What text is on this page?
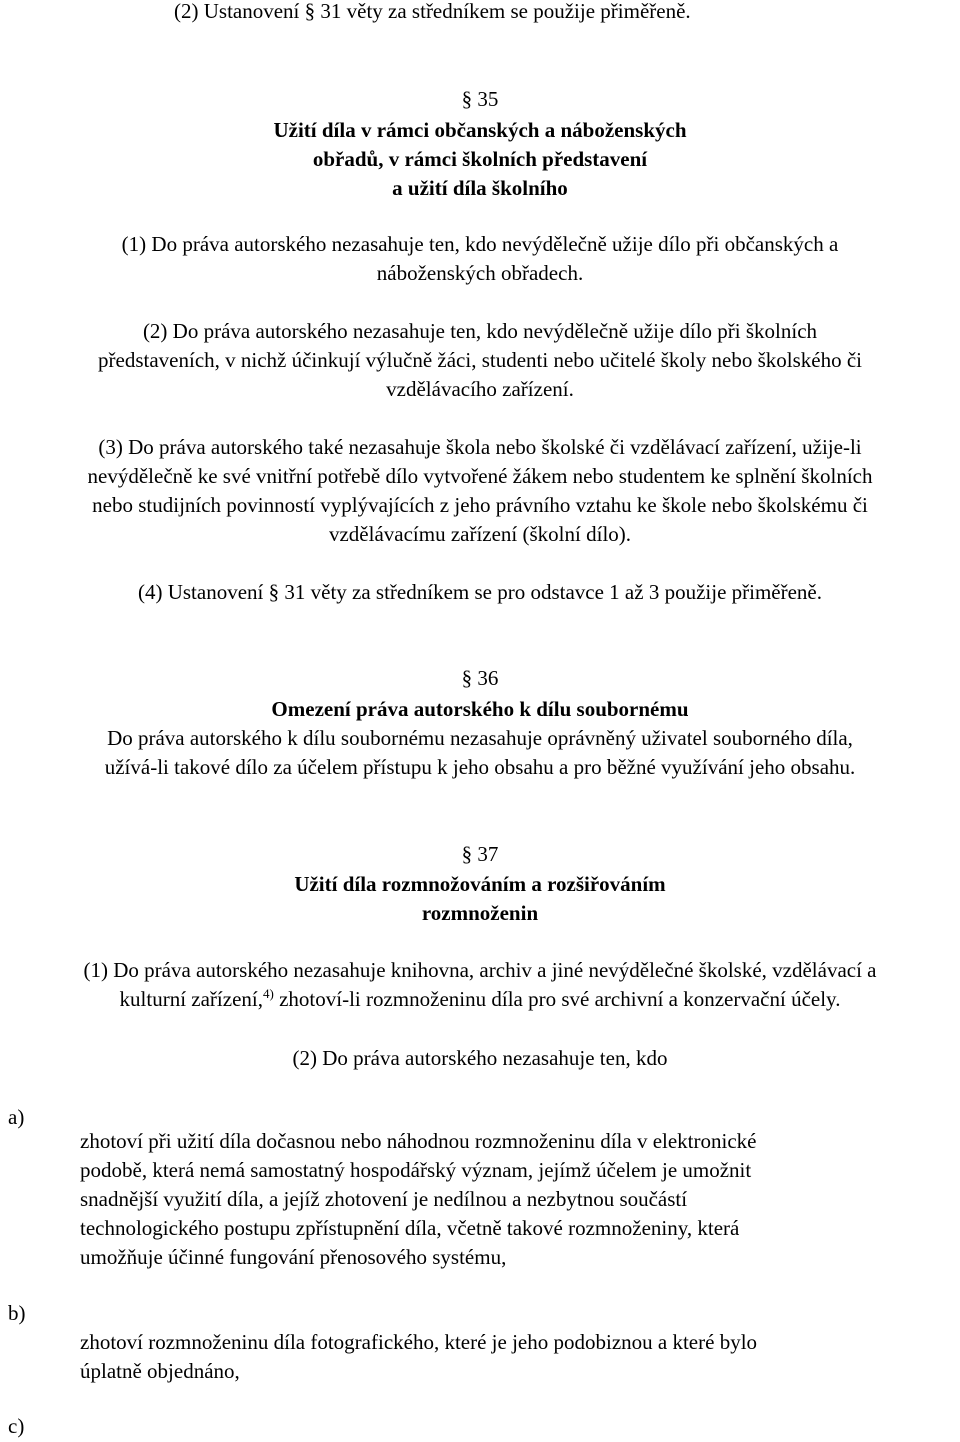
(2) Ustanovení § 31 věty za středníkem se použije přiměřeně.
§ 35
Užití díla v rámci občanských a náboženských
obřadů, v rámci školních představení
a užití díla školního
(1) Do práva autorského nezasahuje ten, kdo nevýdělečně užije dílo při občanských a
náboženských obřadech.
(2) Do práva autorského nezasahuje ten, kdo nevýdělečně užije dílo při školních
představeních, v nichž účinkují výlučně žáci, studenti nebo učitelé školy nebo školského či
vzdělávacího zařízení.
(3) Do práva autorského také nezasahuje škola nebo školské či vzdělávací zařízení, užije-li
nevýdělečně ke své vnitřní potřebě dílo vytvořené žákem nebo studentem ke splnění školních
nebo studijních povinností vyplývajících z jeho právního vztahu ke škole nebo školskému či
vzdělávacímu zařízení (školní dílo).
(4) Ustanovení § 31 věty za středníkem se pro odstavce 1 až 3 použije přiměřeně.
§ 36
Omezení práva autorského k dílu soubornému
Do práva autorského k dílu soubornému nezasahuje oprávněný uživatel souborného díla,
užívá-li takové dílo za účelem přístupu k jeho obsahu a pro běžné využívání jeho obsahu.
§ 37
Užití díla rozmnožováním a rozšiřováním
rozmnoženin
(1) Do práva autorského nezasahuje knihovna, archiv a jiné nevýdělečné školské, vzdělávací a
kulturní zařízení,$^{4)}$ zhotoví-li rozmnoženinu díla pro své archivní a konzervační účely.
(2) Do práva autorského nezasahuje ten, kdo
a)
zhotoví při užití díla dočasnou nebo náhodnou rozmnoženinu díla v elektronické
podobě, která nemá samostatný hospodářský význam, jejímž účelem je umožnit
snadnější využití díla, a jejíž zhotovení je nedílnou a nezbytnou součástí
technologického postupu zpřístupnění díla, včetně takové rozmnoženiny, která
umožňuje účinné fungování přenosového systému,
b)
zhotoví rozmnoženinu díla fotografického, které je jeho podobiznou a které bylo
úplatně objednáno,
c)
